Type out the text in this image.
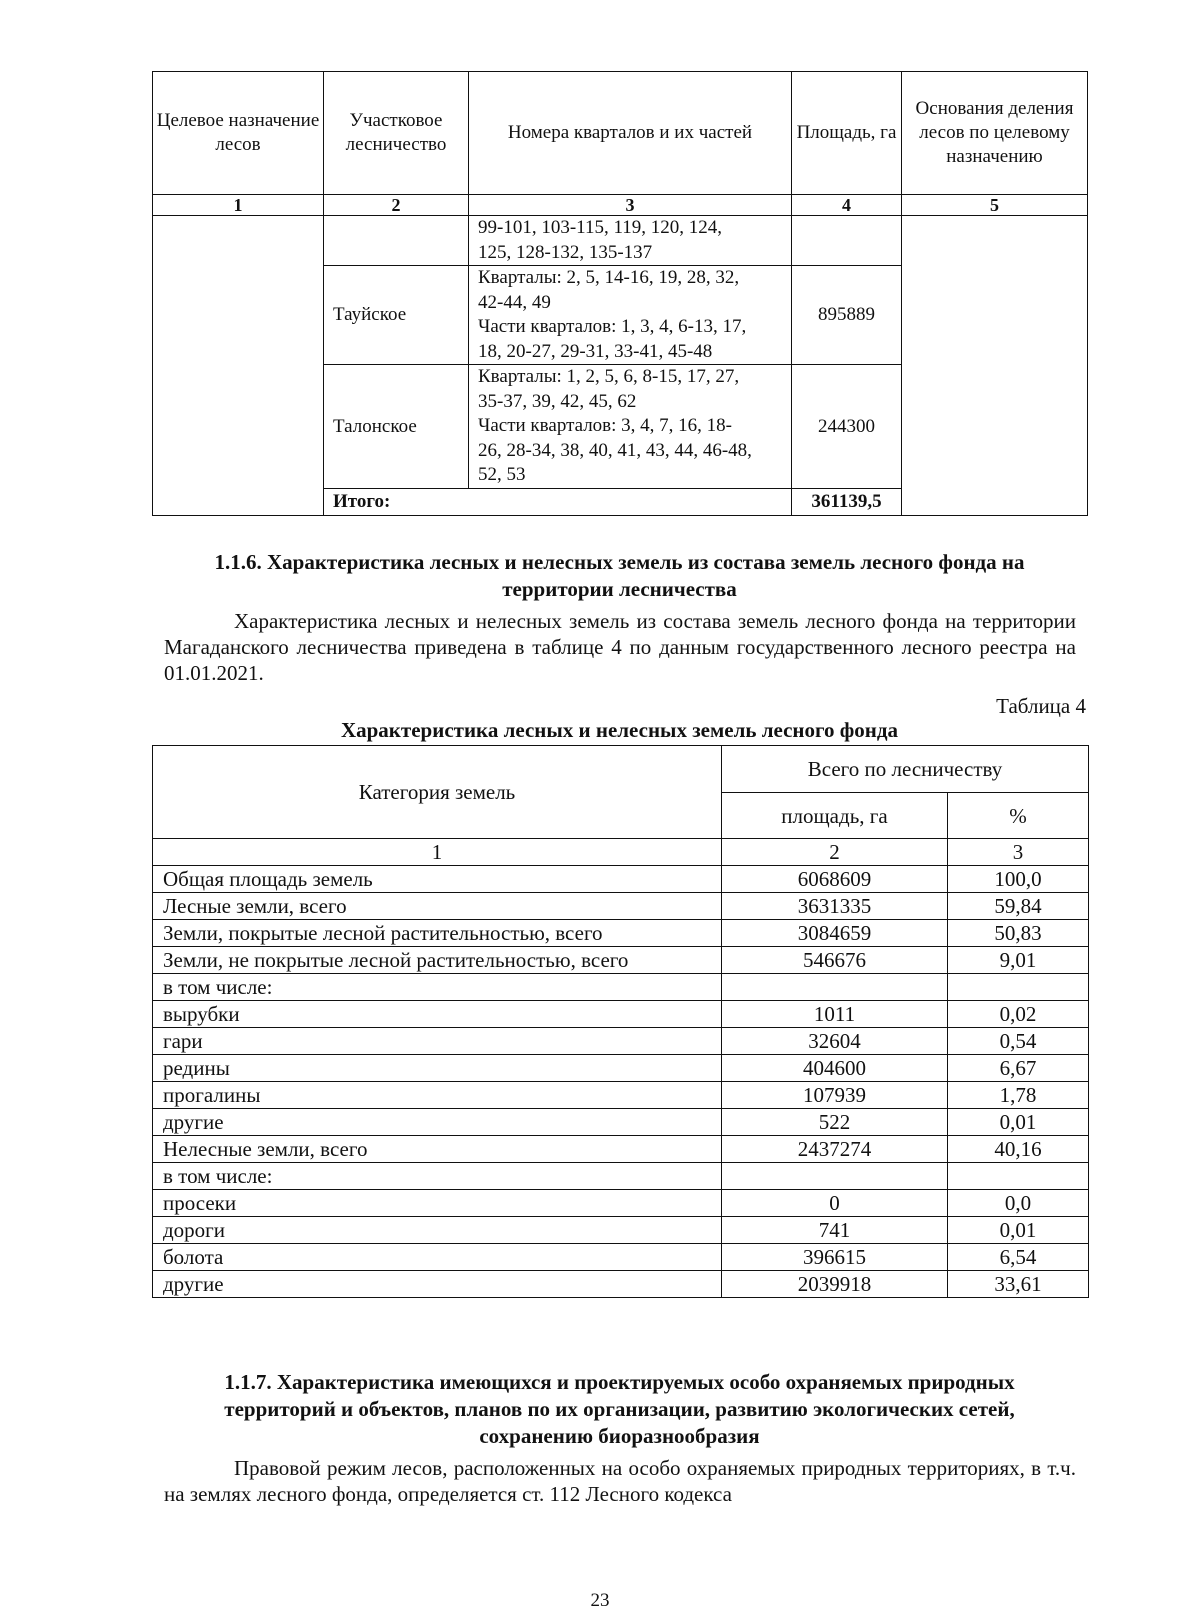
Целевое назначение лесов	Участковое лесничество	Номера кварталов и их частей	Площадь, га	Основания деления лесов по целевому назначению
1	2	3	4	5

		99-101, 103-115, 119, 120, 124,
125, 128-132, 135-137		

	Тауйское	Кварталы: 2, 5, 14-16, 19, 28, 32,
42-44, 49
Части кварталов: 1, 3, 4, 6-13, 17,
18, 20-27, 29-31, 33-41, 45-48	895889	
	Талонское	Кварталы: 1, 2, 5, 6, 8-15, 17, 27,
35-37, 39, 42, 45, 62
Части кварталов: 3, 4, 7, 16, 18-
26, 28-34, 38, 40, 41, 43, 44, 46-48,
52, 53	244300	
	Итого:		361139,5	
1.1.6. Характеристика лесных и нелесных земель из состава земель лесного фонда на
территории лесничества
Характеристика лесных и нелесных земель из состава земель лесного фонда на территории Магаданского лесничества приведена в таблице 4 по данным государственного лесного реестра на 01.01.2021.
Таблица 4
Характеристика лесных и нелесных земель лесного фонда
Категория земель	Всего по лесничеству	
	площадь, га	%
1	2	3
Общая площадь земель	6068609	100,0
Лесные земли, всего	3631335	59,84
Земли, покрытые лесной растительностью, всего	3084659	50,83
Земли, не покрытые лесной растительностью, всего	546676	9,01
в том числе:		
вырубки	1011	0,02
гари	32604	0,54
редины	404600	6,67
прогалины	107939	1,78
другие	522	0,01
Нелесные земли, всего	2437274	40,16
в том числе:		
просеки	0	0,0
дороги	741	0,01
болота	396615	6,54
другие	2039918	33,61
1.1.7. Характеристика имеющихся и проектируемых особо охраняемых природных
территорий и объектов, планов по их организации, развитию экологических сетей,
сохранению биоразнообразия
Правовой режим лесов, расположенных на особо охраняемых природных территориях, в т.ч. на землях лесного фонда, определяется ст. 112 Лесного кодекса
23
